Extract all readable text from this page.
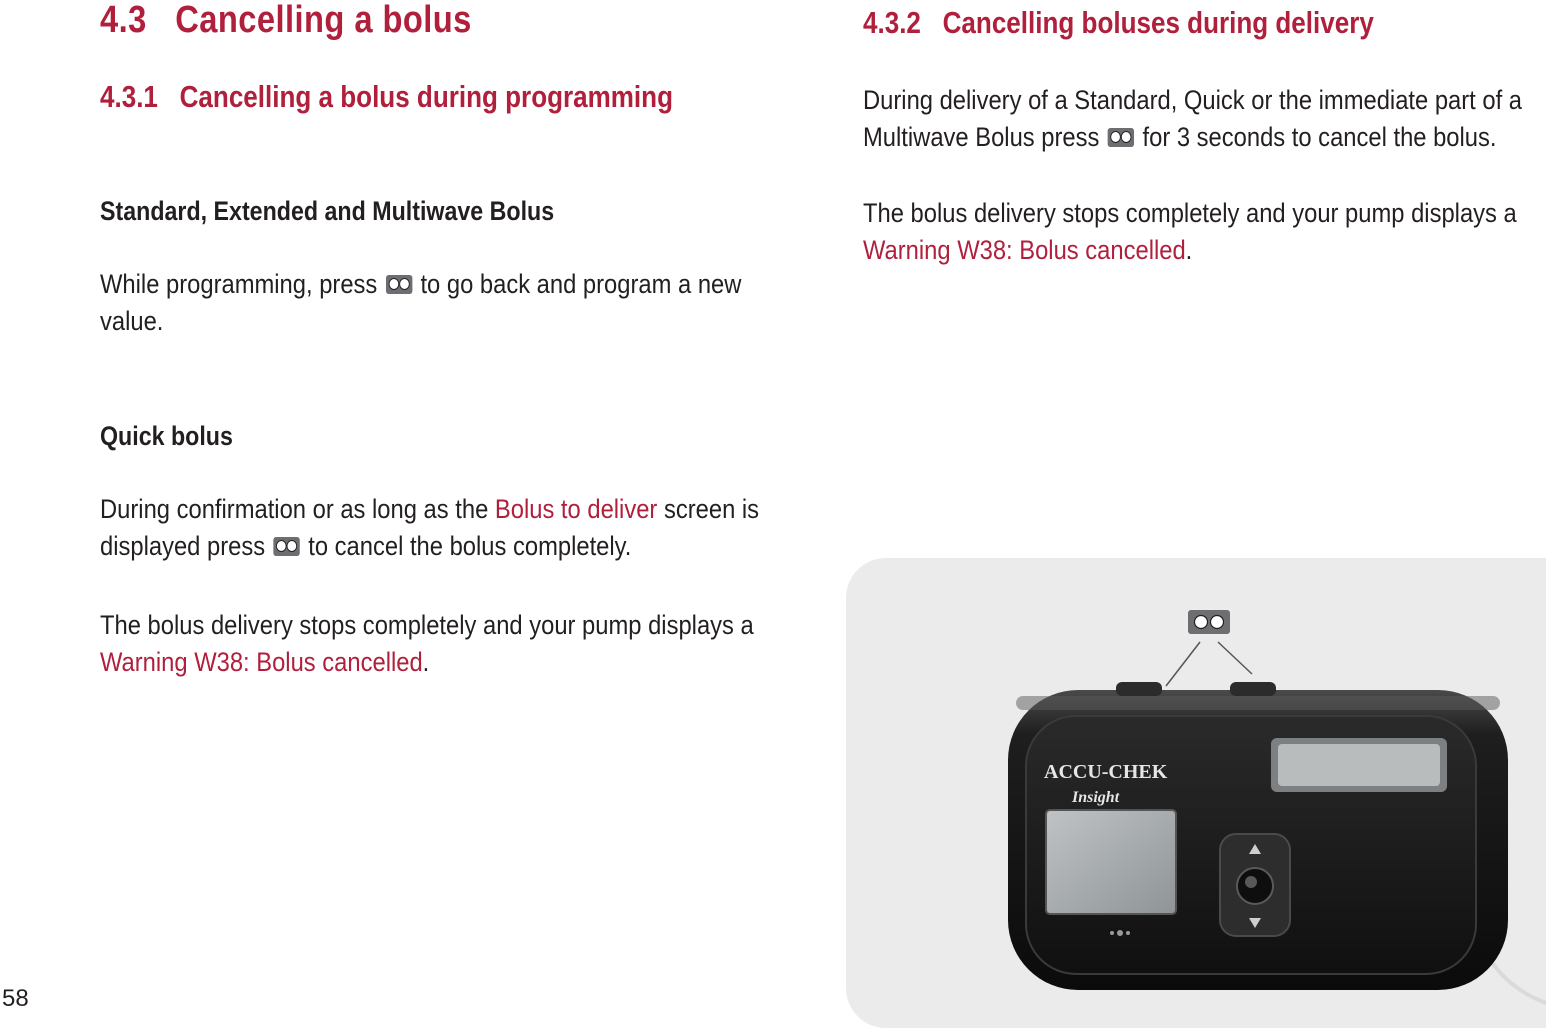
4.3 Cancelling a bolus
4.3.1 Cancelling a bolus during programming
Standard, Extended and Multiwave Bolus
While programming, press to go back and program a new
value.
Quick bolus
During confirmation or as long as the Bolus to deliver screen is
displayed press to cancel the bolus completely.
The bolus delivery stops completely and your pump displays a
Warning W38: Bolus cancelled.
4.3.2 Cancelling boluses during delivery
During delivery of a Standard, Quick or the immediate part of a
Multiwave Bolus press for 3 seconds to cancel the bolus.
The bolus delivery stops completely and your pump displays a
Warning W38: Bolus cancelled.
ACCU-CHEK
Insight
58
